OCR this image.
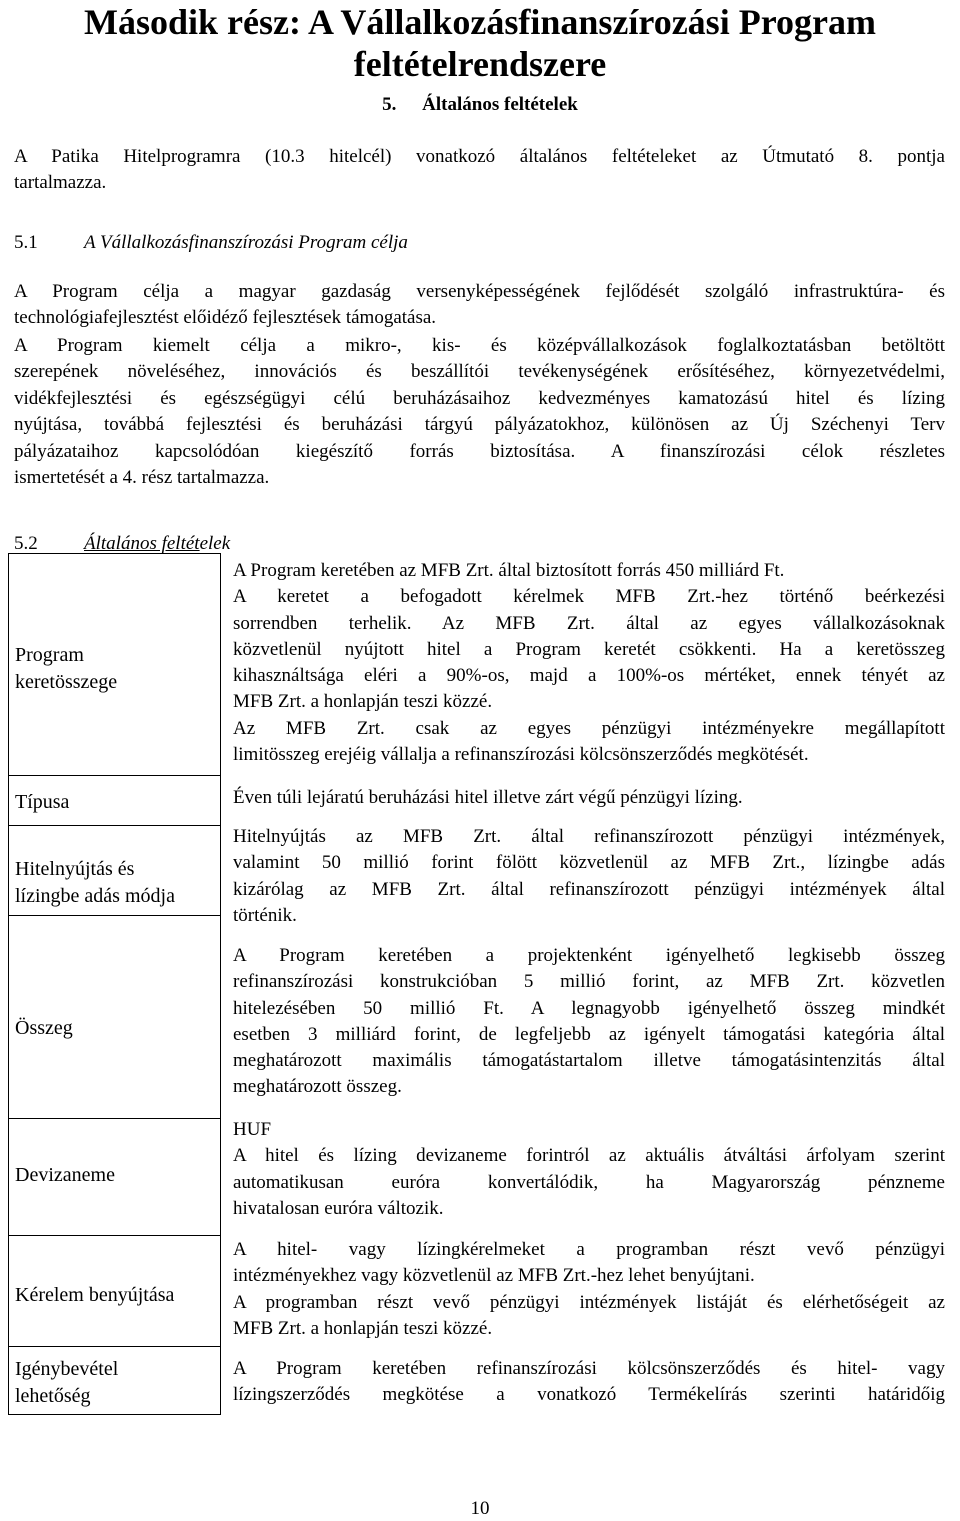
Második rész: A Vállalkozásfinanszírozási Program
feltételrendszere
5. Általános feltételek

A Patika Hitelprogramra (10.3 hitelcél) vonatkozó általános feltételeket az Útmutató 8. pontja
tartalmazza.

5.1 A Vállalkozásfinanszírozási Program célja

A Program célja a magyar gazdaság versenyképességének fejlődését szolgáló infrastruktúra- és
technológiafejlesztést előidéző fejlesztések támogatása.

A Program kiemelt célja a mikro-, kis- és középvállalkozások foglalkoztatásban betöltött
szerepének növeléséhez, innovációs és beszállítói tevékenységének erősítéséhez, környezetvédelmi,
vidékfejlesztési és egészségügyi célú beruházásaihoz kedvezményes kamatozású hitel és lízing
nyújtása, továbbá fejlesztési és beruházási tárgyú pályázatokhoz, különösen az Új Széchenyi Terv
pályázataihoz kapcsolódóan kiegészítő forrás biztosítása. A finanszírozási célok részletes
ismertetését a 4. rész tartalmazza.

5.2 Általános feltételek
Program
keretösszege
A Program keretében az MFB Zrt. által biztosított forrás 450 milliárd Ft.
A keretet a befogadott kérelmek MFB Zrt.-hez történő beérkezési
sorrendben terhelik. Az MFB Zrt. által az egyes vállalkozásoknak
közvetlenül nyújtott hitel a Program keretét csökkenti. Ha a keretösszeg
kihasználtsága eléri a 90%-os, majd a 100%-os mértéket, ennek tényét az
MFB Zrt. a honlapján teszi közzé.
Az MFB Zrt. csak az egyes pénzügyi intézményekre megállapított
limitösszeg erejéig vállalja a refinanszírozási kölcsönszerződés megkötését.
Típusa	Éven túli lejáratú beruházási hitel illetve zárt végű pénzügyi lízing.
Hitelnyújtás és
lízingbe adás módja
Hitelnyújtás az MFB Zrt. által refinanszírozott pénzügyi intézmények,
valamint 50 millió forint fölött közvetlenül az MFB Zrt., lízingbe adás
kizárólag az MFB Zrt. által refinanszírozott pénzügyi intézmények által
történik.
Összeg
A Program keretében a projektenként igényelhető legkisebb összeg
refinanszírozási konstrukcióban 5 millió forint, az MFB Zrt. közvetlen
hitelezésében 50 millió Ft. A legnagyobb igényelhető összeg mindkét
esetben 3 milliárd forint, de legfeljebb az igényelt támogatási kategória által
meghatározott maximális támogatástartalom illetve támogatásintenzitás által
meghatározott összeg.
Devizaneme
HUF
A hitel és lízing devizaneme forintról az aktuális átváltási árfolyam szerint
automatikusan euróra konvertálódik, ha Magyarország pénzneme
hivatalosan euróra változik.
Kérelem benyújtása
A hitel- vagy lízingkérelmeket a programban részt vevő pénzügyi
intézményekhez vagy közvetlenül az MFB Zrt.-hez lehet benyújtani.
A programban részt vevő pénzügyi intézmények listáját és elérhetőségeit az
MFB Zrt. a honlapján teszi közzé.
Igénybevétel
lehetőség
A Program keretében refinanszírozási kölcsönszerződés és hitel- vagy
lízingszerződés megkötése a vonatkozó Termékelírás szerinti határidőig
10
